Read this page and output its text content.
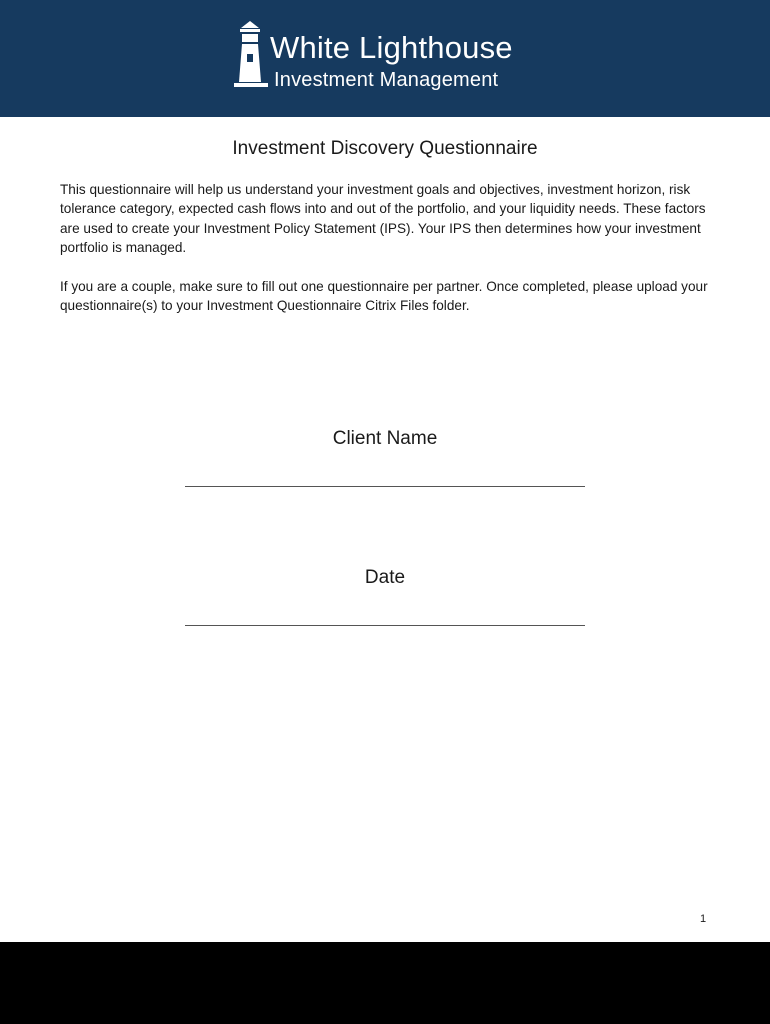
White Lighthouse
Investment Management
Investment Discovery Questionnaire

This questionnaire will help us understand your investment goals and objectives, investment horizon, risk tolerance category, expected cash flows into and out of the portfolio, and your liquidity needs. These factors are used to create your Investment Policy Statement (IPS). Your IPS then determines how your investment portfolio is managed.

If you are a couple, make sure to fill out one questionnaire per partner. Once completed, please upload your questionnaire(s) to your Investment Questionnaire Citrix Files folder.

Client Name
Date
1
